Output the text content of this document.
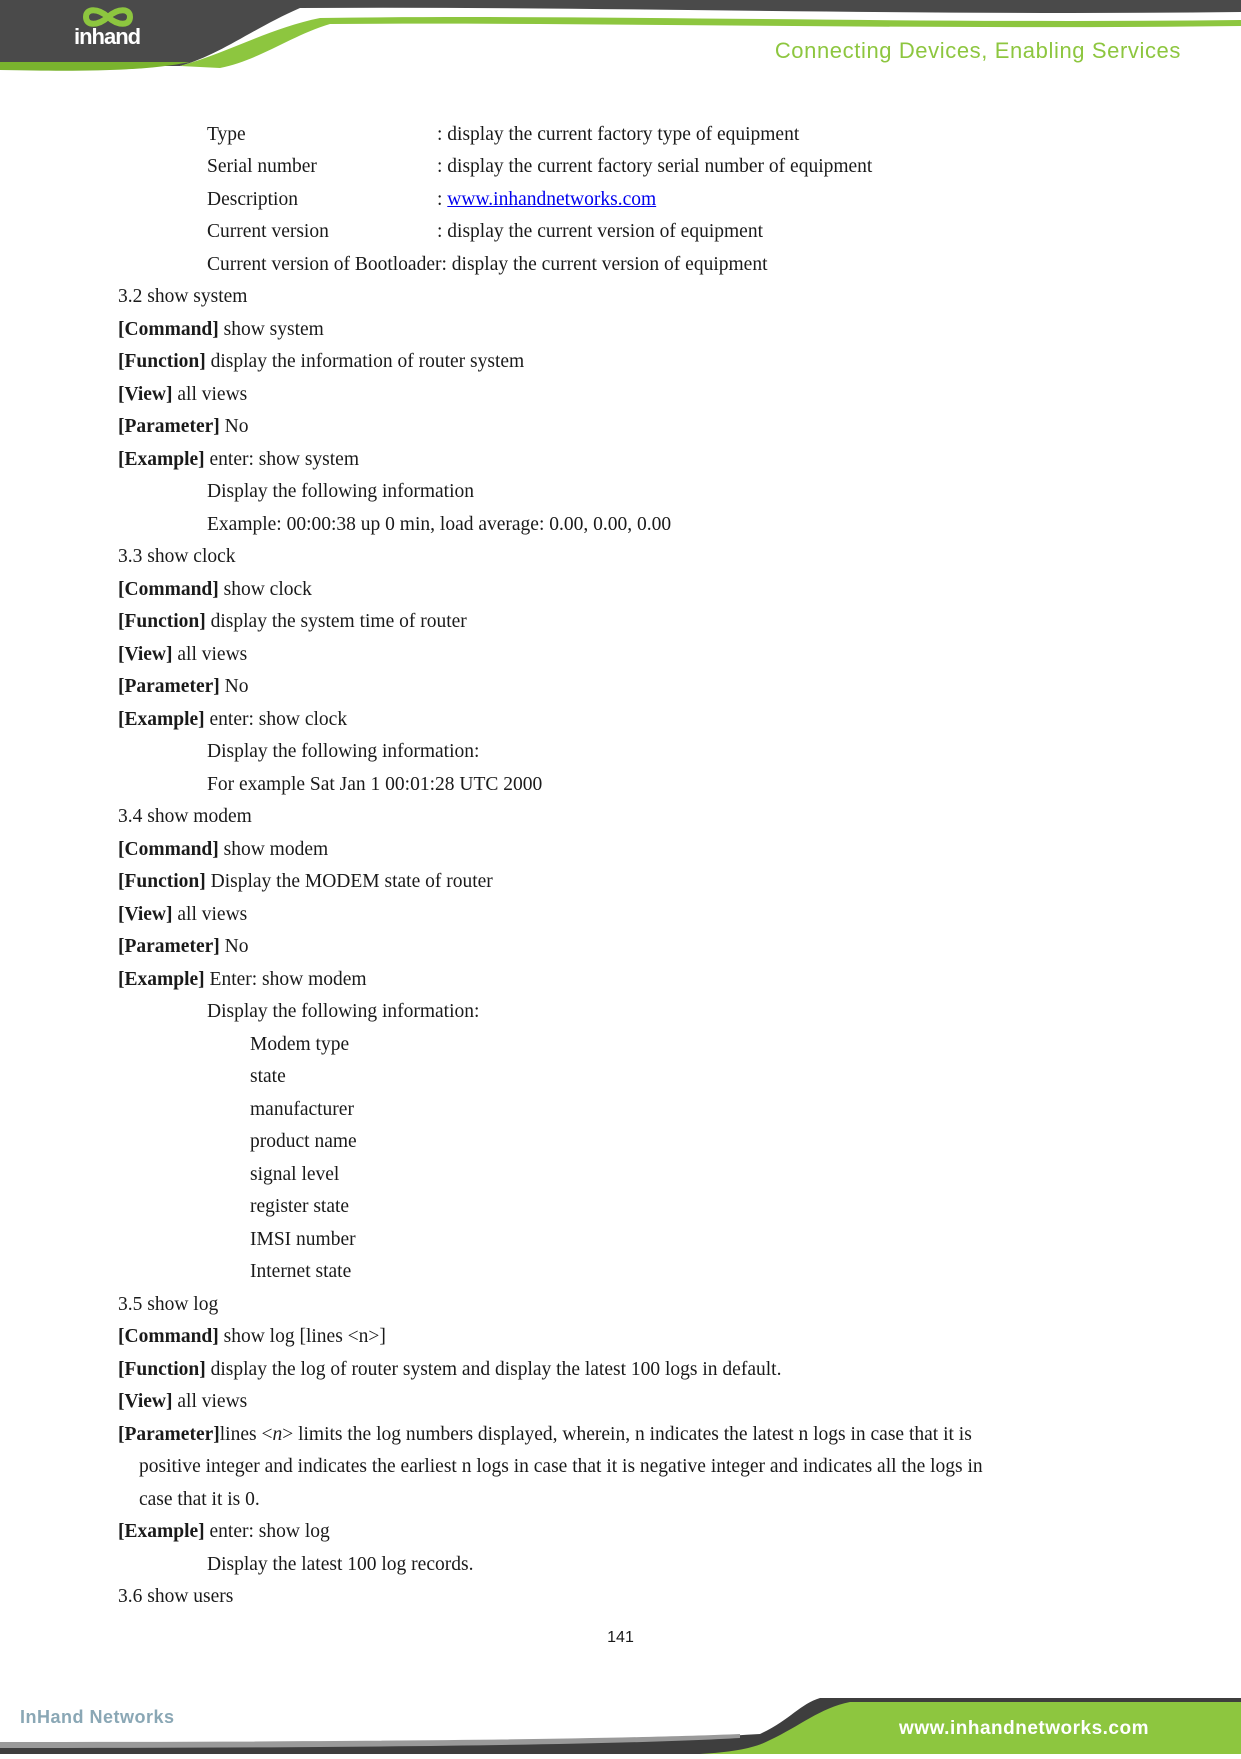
inhand
Connecting Devices, Enabling Services
Type	: display the current factory type of equipment
Serial number	: display the current factory serial number of equipment
Description	: www.inhandnetworks.com
Current version	: display the current version of equipment
Current version of Bootloader: display the current version of equipment
3.2 show system
[Command] show system
[Function] display the information of router system
[View] all views
[Parameter] No
[Example] enter: show system
Display the following information
Example: 00:00:38 up 0 min, load average: 0.00, 0.00, 0.00
3.3 show clock
[Command] show clock
[Function] display the system time of router
[View] all views
[Parameter] No
[Example] enter: show clock
Display the following information:
For example Sat Jan 1 00:01:28 UTC 2000
3.4 show modem
[Command] show modem
[Function] Display the MODEM state of router
[View] all views
[Parameter] No
[Example] Enter: show modem
Display the following information:
Modem type
state
manufacturer
product name
signal level
register state
IMSI number
Internet state
3.5 show log
[Command] show log [lines <n>]
[Function] display the log of router system and display the latest 100 logs in default.
[View] all views
[Parameter]lines <n> limits the log numbers displayed, wherein, n indicates the latest n logs in case that it is
positive integer and indicates the earliest n logs in case that it is negative integer and indicates all the logs in
case that it is 0.
[Example] enter: show log
Display the latest 100 log records.
3.6 show users
141
InHand Networks
www.inhandnetworks.com
